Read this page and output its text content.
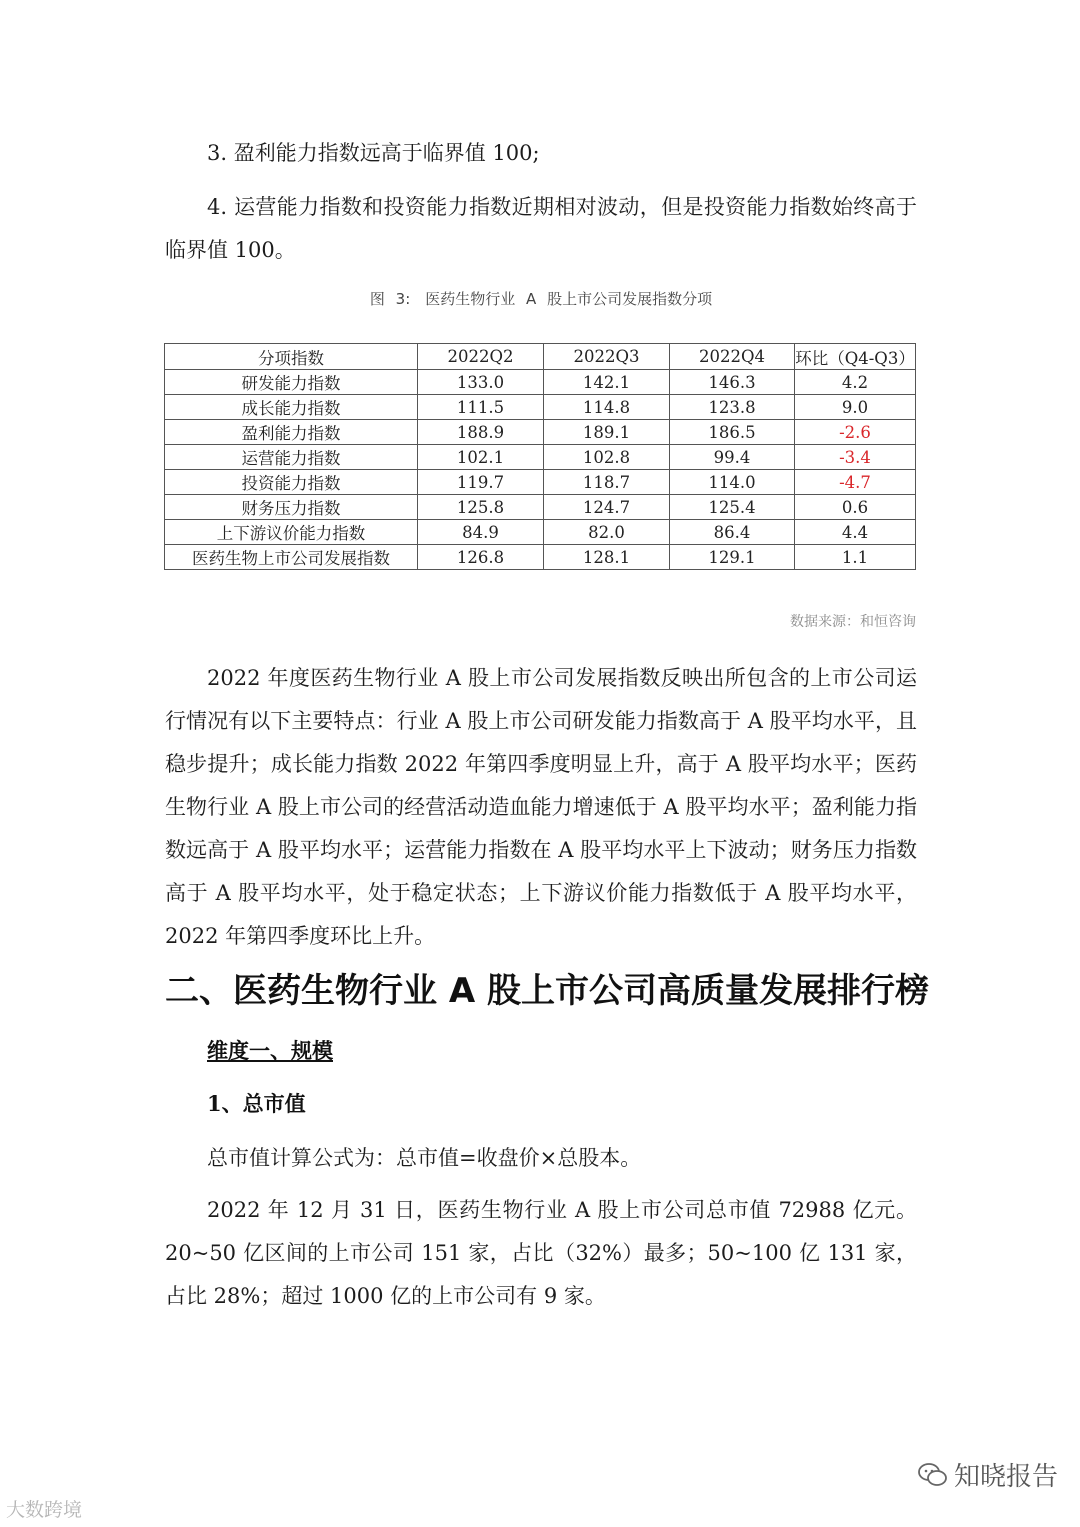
3. 盈利能力指数远高于临界值 100;

4. 运营能力指数和投资能力指数近期相对波动，但是投资能力指数始终高于临界值 100。

图 3:　医药生物行业 A 股上市公司发展指数分项
分项指数	2022Q2	2022Q3	2022Q4	环比（Q4-Q3）
研发能力指数	133.0	142.1	146.3	4.2
成长能力指数	111.5	114.8	123.8	9.0
盈利能力指数	188.9	189.1	186.5	-2.6
运营能力指数	102.1	102.8	99.4	-3.4
投资能力指数	119.7	118.7	114.0	-4.7
财务压力指数	125.8	124.7	125.4	0.6
上下游议价能力指数	84.9	82.0	86.4	4.4
医药生物上市公司发展指数	126.8	128.1	129.1	1.1
数据来源：和恒咨询

2022 年度医药生物行业 A 股上市公司发展指数反映出所包含的上市公司运行情况有以下主要特点：行业 A 股上市公司研发能力指数高于 A 股平均水平，且稳步提升；成长能力指数 2022 年第四季度明显上升，高于 A 股平均水平；医药生物行业 A 股上市公司的经营活动造血能力增速低于 A 股平均水平；盈利能力指数远高于 A 股平均水平；运营能力指数在 A 股平均水平上下波动；财务压力指数高于 A 股平均水平，处于稳定状态；上下游议价能力指数低于 A 股平均水平，2022 年第四季度环比上升。

二、医药生物行业 A 股上市公司高质量发展排行榜
维度一、规模
1、总市值

总市值计算公式为：总市值=收盘价×总股本。

2022 年 12 月 31 日，医药生物行业 A 股上市公司总市值 72988 亿元。20~50 亿区间的上市公司 151 家，占比（32%）最多；50~100 亿 131 家，占比 28%；超过 1000 亿的上市公司有 9 家。

大数跨境
知晓报告
